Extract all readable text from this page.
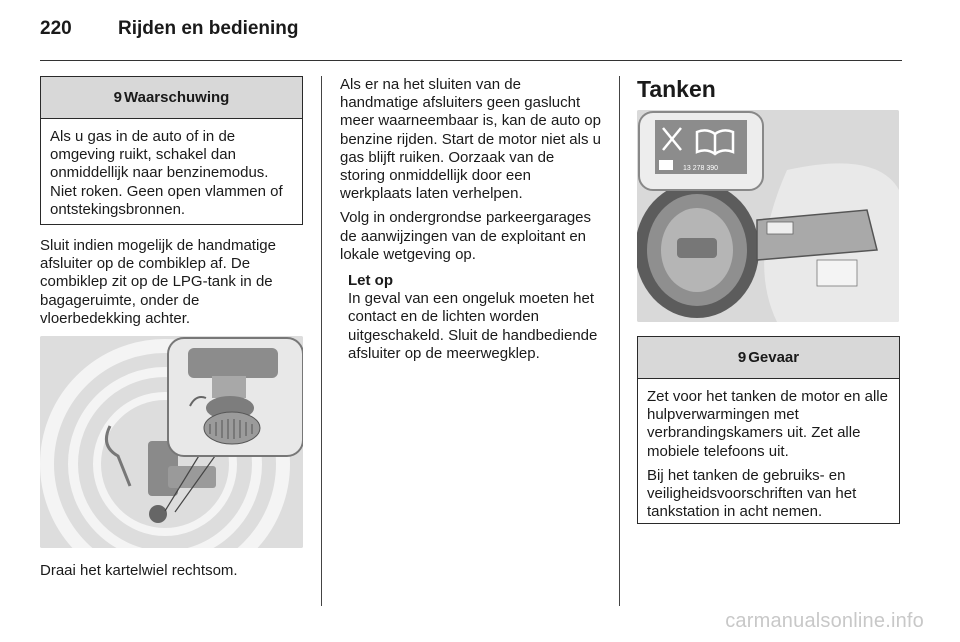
220 Rijden en bediening
9 Waarschuwing

Als u gas in de auto of in de omgeving ruikt, schakel dan onmiddellijk naar benzinemodus. Niet roken. Geen open vlammen of ontstekingsbronnen.

Sluit indien mogelijk de handmatige afsluiter op de combiklep af. De combiklep zit op de LPG-tank in de bagageruimte, onder de vloerbedekking achter.

Draai het kartelwiel rechtsom.

Als er na het sluiten van de handmatige afsluiters geen gaslucht meer waarneembaar is, kan de auto op benzine rijden. Start de motor niet als u gas blijft ruiken. Oorzaak van de storing onmiddellijk door een werkplaats laten verhelpen.

Volg in ondergrondse parkeergarages de aanwijzingen van de exploitant en lokale wetgeving op.

Let op

In geval van een ongeluk moeten het contact en de lichten worden uitgeschakeld. Sluit de handbediende afsluiter op de meerwegklep.

Tanken
13 278 390
9 Gevaar

Zet voor het tanken de motor en alle hulpverwarmingen met verbrandingskamers uit. Zet alle mobiele telefoons uit.

Bij het tanken de gebruiks- en veiligheidsvoorschriften van het tankstation in acht nemen.

carmanualsonline.info
